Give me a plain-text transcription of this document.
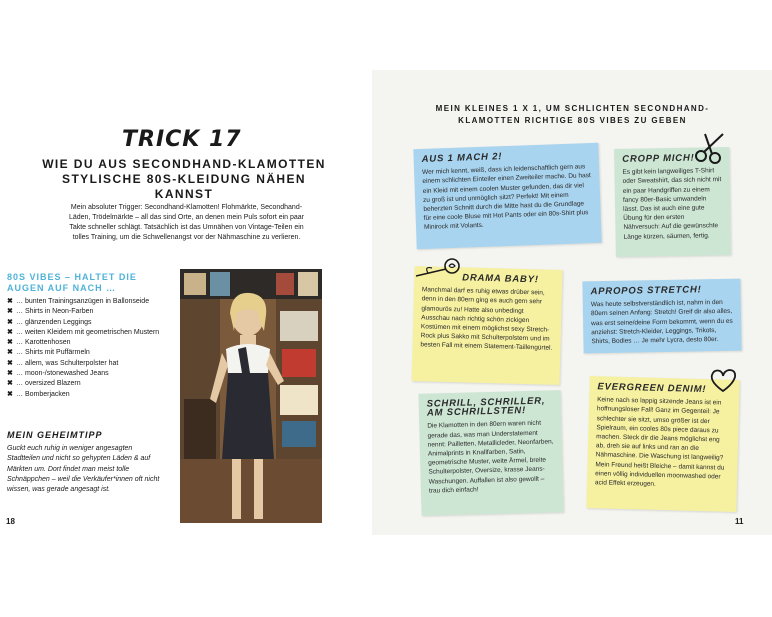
TRICK 17
WIE DU AUS SECONDHAND-KLAMOTTEN STYLISCHE 80S-KLEIDUNG NÄHEN KANNST
Mein absoluter Trigger: Secondhand-Klamotten! Flohmärkte, Secondhand-Läden, Trödelmärkte – all das sind Orte, an denen mein Puls sofort ein paar Takte schneller schlägt. Tatsächlich ist das Umnähen von Vintage-Teilen ein tolles Training, um die Schwellenangst vor der Nähmaschine zu verlieren.
80S VIBES – HALTET DIE AUGEN AUF NACH …
✖ … bunten Trainingsanzügen in Ballonseide
✖ … Shirts in Neon-Farben
✖ … glänzenden Leggings
✖ … weiten Kleidern mit geometrischen Mustern
✖ … Karottenhosen
✖ … Shirts mit Puffärmeln
✖ … allem, was Schulterpolster hat
✖ … moon-/stonewashed Jeans
✖ … oversized Blazern
✖ … Bomberjacken
MEIN GEHEIMTIPP
Guckt euch ruhig in weniger angesagten Stadtteilen und nicht so gehypten Läden & auf Märkten um. Dort findet man meist tolle Schnäppchen – weil die Verkäufer*innen oft nicht wissen, was gerade angesagt ist.
18
MEIN KLEINES 1 X 1, UM SCHLICHTEN SECONDHAND-KLAMOTTEN RICHTIGE 80S VIBES ZU GEBEN
AUS 1 MACH 2!
Wer mich kennt, weiß, dass ich leidenschaftlich gern aus einem schlichten Einteiler einen Zweiteiler mache. Du hast ein Kleid mit einem coolen Muster gefunden, das dir viel zu groß ist und unmöglich sitzt? Perfekt! Mit einem beherzten Schnitt durch die Mitte hast du die Grundlage für eine coole Bluse mit Hot Pants oder ein 80s-Shirt plus Minirock mit Volants.
CROPP MICH!
Es gibt kein langweiliges T-Shirt oder Sweatshirt, das sich nicht mit ein paar Handgriffen zu einem fancy 80er-Basic umwandeln lässt. Das ist auch eine gute Übung für den ersten Nähversuch: Auf die gewünschte Länge kürzen, säumen, fertig.
DRAMA BABY!
Manchmal darf es ruhig etwas drüber sein, denn in den 80ern ging es auch gern sehr glamourös zu! Hatte also unbedingt Ausschau nach richtig schön zickigen Kostümen mit einem möglichst sexy Stretch-Rock plus Sakko mit Schulterpolstern und im besten Fall mit einem Statement-Taillengürtel.
APROPOS STRETCH!
Was heute selbstverständlich ist, nahm in den 80ern seinen Anfang: Stretch! Greif dir also alles, was erst seine/deine Form bekommt, wenn du es anziehst: Stretch-Kleider, Leggings, Trikots, Shirts, Bodies … Je mehr Lycra, desto 80er.
SCHRILL, SCHRILLER, AM SCHRILLSTEN!
Die Klamotten in den 80ern waren nicht gerade das, was man Understatement nennt: Pailletten, Metallicleder, Neonfarben, Animalprints in Knallfarben, Satin, geometrische Muster, weite Ärmel, breite Schulterpolster, Oversize, krasse Jeans-Waschungen. Auffallen ist also gewollt – trau dich einfach!
EVERGREEN DENIM!
Keine nach so lappig sitzende Jeans ist ein hoffnungsloser Fall! Ganz im Gegenteil: Je schlechter sie sitzt, umso größer ist der Spielraum, ein cooles 80s piece daraus zu machen. Steck dir die Jeans möglichst eng ab, dreh sie auf links und ran an die Nähmaschine. Die Waschung ist langweilig? Mein Freund heißt Bleiche – damit kannst du einen völlig individuellen moonwashed oder acid Effekt erzeugen.
11
